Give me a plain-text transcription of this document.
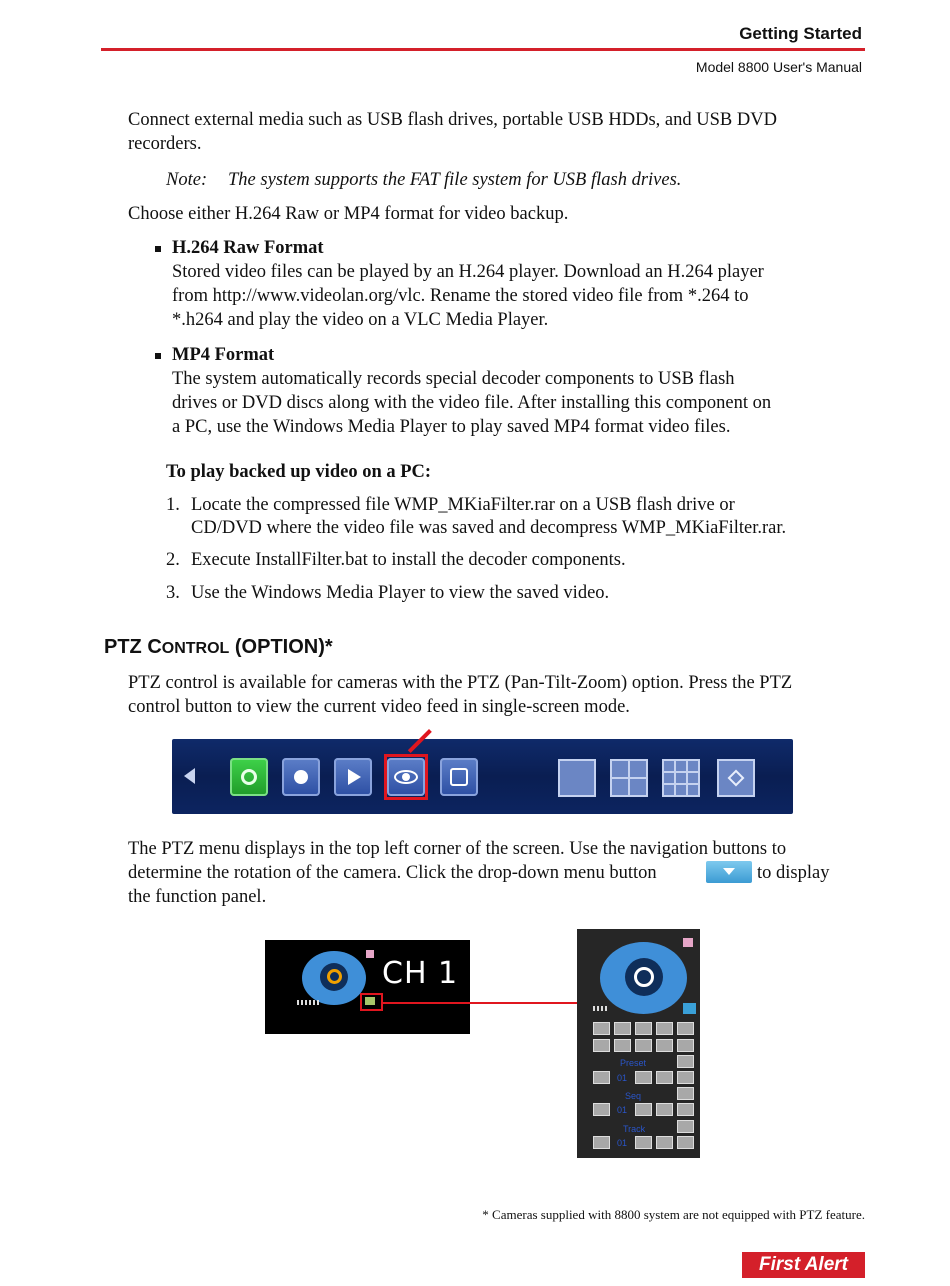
Getting Started
Model 8800 User's Manual
Connect external media such as USB flash drives, portable USB HDDs, and USB DVD
recorders.
Note: The system supports the FAT file system for USB flash drives.
Choose either H.264 Raw or MP4 format for video backup.
H.264 Raw Format
Stored video files can be played by an H.264 player. Download an H.264 player
from http://www.videolan.org/vlc. Rename the stored video file from *.264 to
*.h264 and play the video on a VLC Media Player.
MP4 Format
The system automatically records special decoder components to USB flash
drives or DVD discs along with the video file. After installing this component on
a PC, use the Windows Media Player to play saved MP4 format video files.
To play backed up video on a PC:
1. Locate the compressed file WMP_MKiaFilter.rar on a USB flash drive or
CD/DVD where the video file was saved and decompress WMP_MKiaFilter.rar.
2. Execute InstallFilter.bat to install the decoder components.
3. Use the Windows Media Player to view the saved video.
PTZ CONTROL (OPTION)*
PTZ control is available for cameras with the PTZ (Pan-Tilt-Zoom) option. Press the PTZ
control button to view the current video feed in single-screen mode.
The PTZ menu displays in the top left corner of the screen. Use the navigation buttons to
determine the rotation of the camera. Click the drop-down menu button	to display
the function panel.
CH 1
Preset
01
Seq
01
Track
01
* Cameras supplied with 8800 system are not equipped with PTZ feature.
First Alert
